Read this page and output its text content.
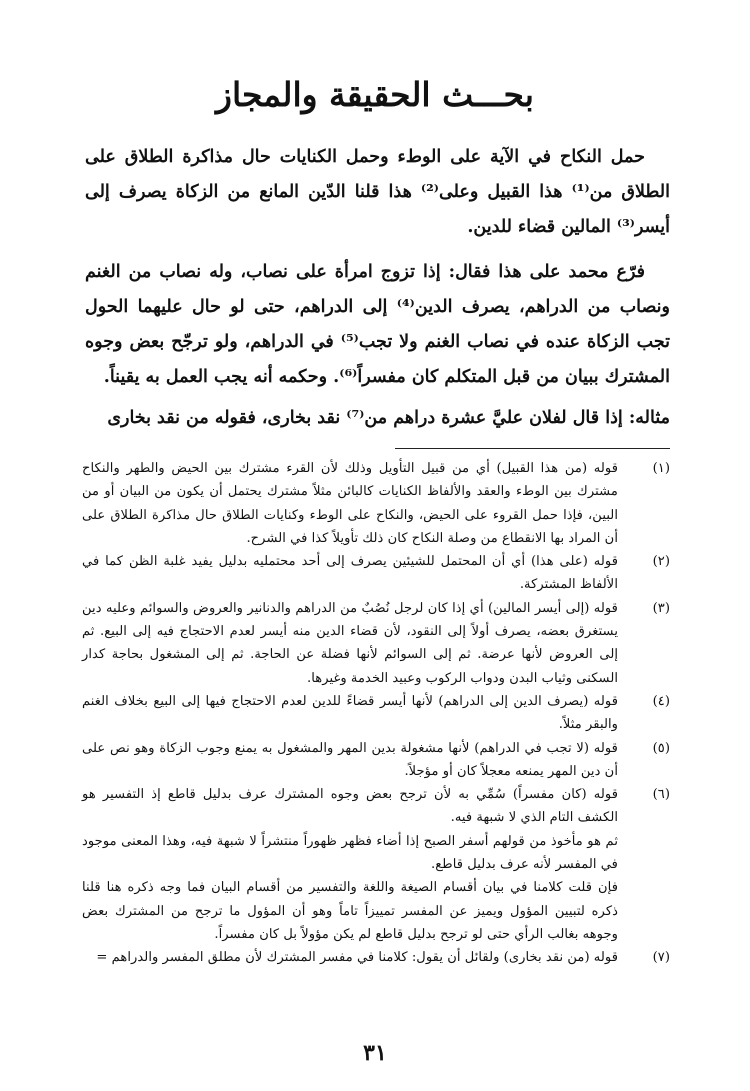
بحـــث الحقيقة والمجاز

حمل النكاح في الآية على الوطء وحمل الكنايات حال مذاكرة الطلاق على الطلاق من⁽¹⁾ هذا القبيل وعلى⁽²⁾ هذا قلنا الدّين المانع من الزكاة يصرف إلى أيسر⁽³⁾ المالين قضاء للدين.

فرّع محمد على هذا فقال: إذا تزوج امرأة على نصاب، وله نصاب من الغنم ونصاب من الدراهم، يصرف الدين⁽⁴⁾ إلى الدراهم، حتى لو حال عليهما الحول تجب الزكاة عنده في نصاب الغنم ولا تجب⁽⁵⁾ في الدراهم، ولو ترجّح بعض وجوه المشترك ببيان من قبل المتكلم كان مفسراً⁽⁶⁾. وحكمه أنه يجب العمل به يقيناً.

مثاله: إذا قال لفلان عليَّ عشرة دراهم من⁽⁷⁾ نقد بخارى، فقوله من نقد بخارى

(١)
قوله (من هذا القبيل) أي من قبيل التأويل وذلك لأن القرء مشترك بين الحيض والطهر والنكاح مشترك بين الوطء والعقد والألفاظ الكنايات كالبائن مثلاً مشترك يحتمل أن يكون من البيان أو من البين، فإذا حمل القروء على الحيض، والنكاح على الوطء وكنايات الطلاق حال مذاكرة الطلاق على أن المراد بها الانقطاع من وصلة النكاح كان ذلك تأويلاً كذا في الشرح.
(٢)
قوله (على هذا) أي أن المحتمل للشيئين يصرف إلى أحد محتمليه بدليل يفيد غلبة الظن كما في الألفاظ المشتركة.
(٣)
قوله (إلى أيسر المالين) أي إذا كان لرجل نُصُبٌ من الدراهم والدنانير والعروض والسوائم وعليه دين يستغرق بعضه، يصرف أولاً إلى النقود، لأن قضاء الدين منه أيسر لعدم الاحتجاج فيه إلى البيع. ثم إلى العروض لأنها عرضة. ثم إلى السوائم لأنها فضلة عن الحاجة. ثم إلى المشغول بحاجة كدار السكنى وثياب البدن ودواب الركوب وعبيد الخدمة وغيرها.
(٤)
قوله (يصرف الدين إلى الدراهم) لأنها أيسر قضاءً للدين لعدم الاحتجاج فيها إلى البيع بخلاف الغنم والبقر مثلاً.
(٥)
قوله (لا تجب في الدراهم) لأنها مشغولة بدين المهر والمشغول به يمنع وجوب الزكاة وهو نص على أن دين المهر يمنعه معجلاً كان أو مؤجلاً.
(٦)
قوله (كان مفسراً) سُمِّي به لأن ترجح بعض وجوه المشترك عرف بدليل قاطع إذ التفسير هو الكشف التام الذي لا شبهة فيه.
ثم هو مأخوذ من قولهم أسفر الصبح إذا أضاء فظهر ظهوراً منتشراً لا شبهة فيه، وهذا المعنى موجود في المفسر لأنه عرف بدليل قاطع.
فإن قلت كلامنا في بيان أقسام الصيغة واللغة والتفسير من أقسام البيان فما وجه ذكره هنا قلنا ذكره لتبيين المؤول ويميز عن المفسر تمييزاً تاماً وهو أن المؤول ما ترجح من المشترك بعض وجوهه بغالب الرأي حتى لو ترجح بدليل قاطع لم يكن مؤولاً بل كان مفسراً.
(٧)
قوله (من نقد بخارى) ولقائل أن يقول: كلامنا في مفسر المشترك لأن مطلق المفسر والدراهم =
٣١
